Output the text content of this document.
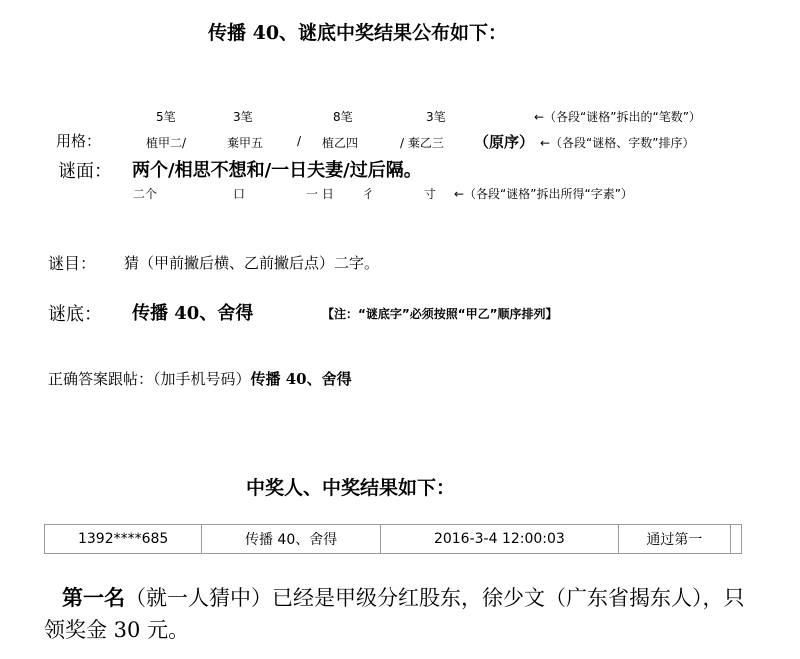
传播 40、谜底中奖结果公布如下：
5笔	3笔	8笔	3笔	←（各段“谜格”拆出的“笔数”）
用格：	植甲二/	棄甲五	/ 植乙四	/ 棄乙三 （原序） ←（各段“谜格、字数”排序）
谜面： 两个/相思不想和/一日夫妻/过后隔。
二个	口	一 日 彳	寸 ←（各段“谜格”拆出所得“字素”）
谜目： 猜（甲前撇后横、乙前撇后点）二字。
谜底： 传播 40、舍得	【注：“谜底字”必须按照“甲乙”顺序排列】
正确答案跟帖：（加手机号码）传播 40、舍得
中奖人、中奖结果如下：
1392****685	传播 40、舍得	2016-3-4 12:00:03	通过第一	
第一名（就一人猜中）已经是甲级分红股东，徐少文（广东省揭东人），只领奖金 30 元。
